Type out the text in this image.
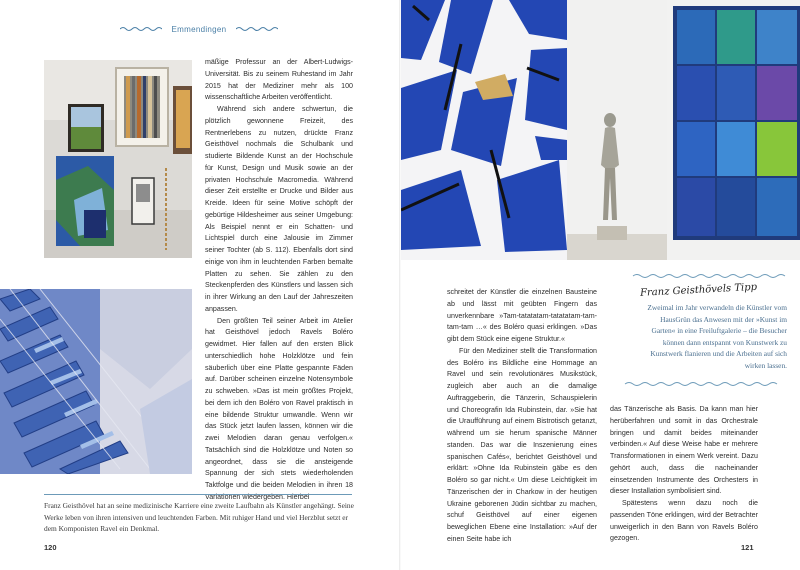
Emmendingen

mäßige Professur an der Albert-Ludwigs-Universität. Bis zu seinem Ruhestand im Jahr 2015 hat der Mediziner mehr als 100 wissenschaftliche Arbeiten veröffentlicht.

Während sich andere schwertun, die plötzlich gewonnene Freizeit, des Rentnerlebens zu nutzen, drückte Franz Geisthövel nochmals die Schulbank und studierte Bildende Kunst an der Hochschule für Kunst, Design und Musik sowie an der privaten Hochschule Macromedia. Während dieser Zeit erstellte er Drucke und Bilder aus Kreide. Ideen für seine Motive schöpft der gebürtige Hildesheimer aus seiner Umgebung: Als Beispiel nennt er ein Schatten- und Lichtspiel durch eine Jalousie im Zimmer seiner Tochter (ab S. 112). Ebenfalls dort sind einige von ihm in leuchtenden Farben bemalte Platten zu sehen. Sie zählen zu den Steckenpferden des Künstlers und lassen sich in ihrer Wirkung an den Lauf der Jahreszeiten anpassen.

Den größten Teil seiner Arbeit im Atelier hat Geisthövel jedoch Ravels Boléro gewidmet. Hier fallen auf den ersten Blick unterschiedlich hohe Holzklötze und fein säuberlich über eine Platte gespannte Fäden auf. Darüber scheinen einzelne Notensymbole zu schweben. »Das ist mein größtes Projekt, bei dem ich den Boléro von Ravel praktisch in eine bildende Struktur umwandle. Wenn wir das Stück jetzt laufen lassen, können wir die zwei Melodien daran genau verfolgen.« Tatsächlich sind die Holzklötze und Noten so angeordnet, dass sie die ansteigende Spannung der sich stets wiederholenden Taktfolge und die beiden Melodien in ihren 18 Variationen wiedergeben. Hierbei

Franz Geisthövel hat an seine medizinische Karriere eine zweite Laufbahn als Künstler angehängt. Seine Werke leben von ihren intensiven und leuchtenden Farben. Mit ruhiger Hand und viel Herzblut setzt er dem Komponisten Ravel ein Denkmal.
120

schreitet der Künstler die einzelnen Bausteine ab und lässt mit geübten Fingern das unverkennbare »Tam-tatatatam-tatatatam-tam-tam-tam …« des Boléro quasi erklingen. »Das gibt dem Stück eine eigene Struktur.«

Für den Mediziner stellt die Transformation des Boléro ins Bildliche eine Hommage an Ravel und sein revolutionäres Musikstück, zugleich aber auch an die damalige Auftraggeberin, die Tänzerin, Schauspielerin und Choreografin Ida Rubinstein, dar. »Sie hat die Uraufführung auf einem Bistrotisch getanzt, während um sie herum spanische Männer standen. Das war die Inszenierung eines spanischen Cafés«, berichtet Geisthövel und erklärt: »Ohne Ida Rubinstein gäbe es den Boléro so gar nicht.« Um diese Leichtigkeit im Tänzerischen der in Charkow in der heutigen Ukraine geborenen Jüdin sichtbar zu machen, schuf Geisthövel auf einer eigenen beweglichen Ebene eine Installation: »Auf der einen Seite habe ich

Franz Geisthövels Tipp
Zweimal im Jahr verwandeln die Künstler vom HausGrün das Anwesen mit der »Kunst im Garten« in eine Freiluftgalerie – die Besucher können dann entspannt von Kunstwerk zu Kunstwerk flanieren und die Arbeiten auf sich wirken lassen.

das Tänzerische als Basis. Da kann man hier herüberfahren und somit in das Orchestrale bringen und damit beides miteinander verbinden.« Auf diese Weise habe er mehrere Transformationen in einem Werk vereint. Dazu gehört auch, dass die nacheinander einsetzenden Instrumente des Orchesters in dieser Installation symbolisiert sind.

Spätestens wenn dazu noch die passenden Töne erklingen, wird der Betrachter unweigerlich in den Bann von Ravels Boléro gezogen.

121
